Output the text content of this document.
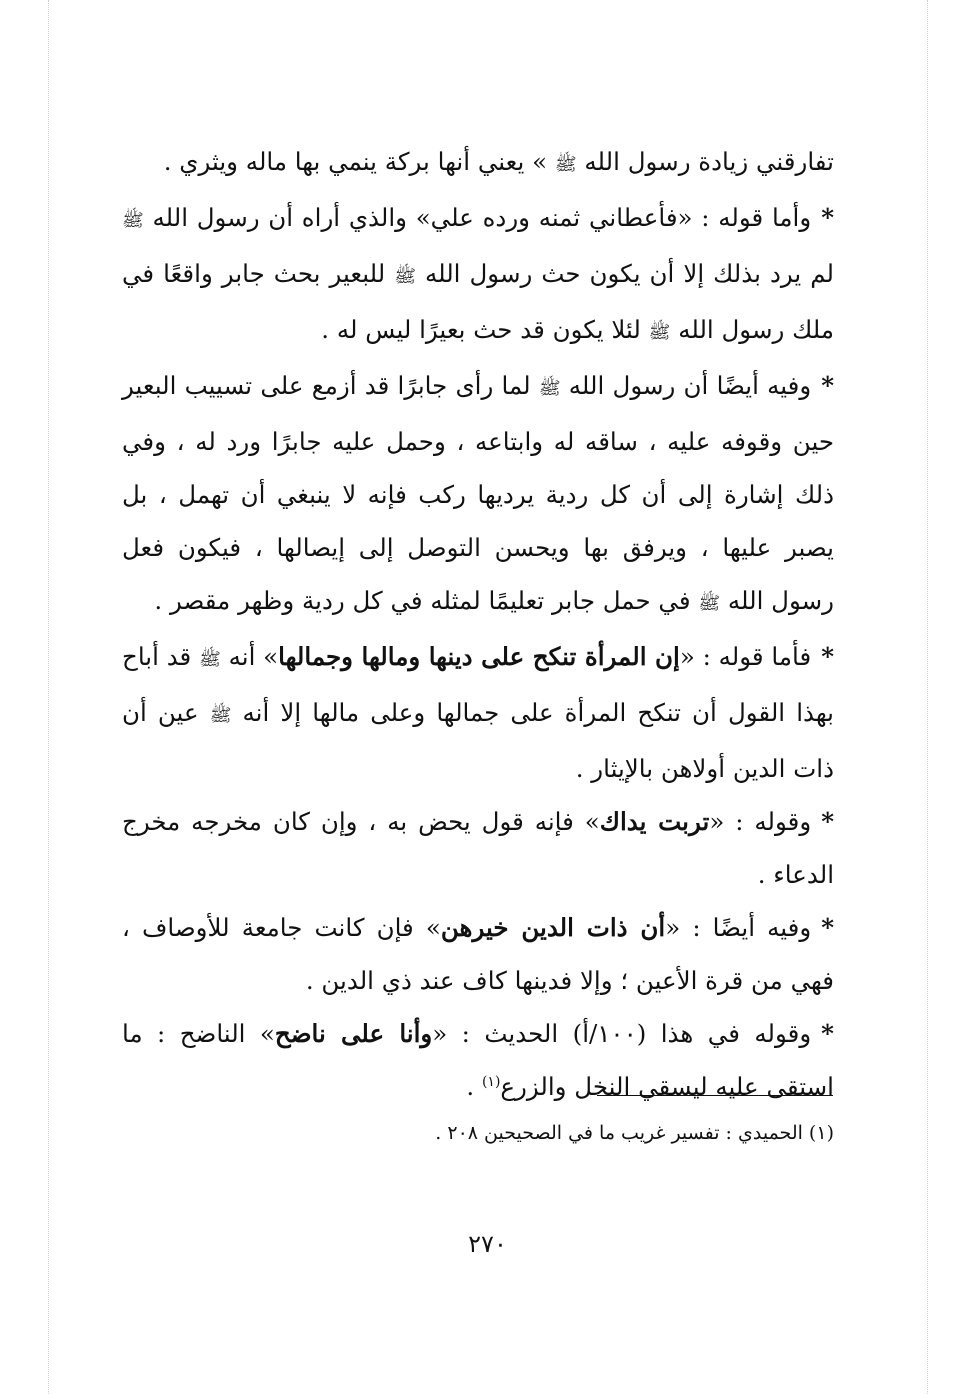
تفارقني زيادة رسول الله ﷺ » يعني أنها بركة ينمي بها ماله ويثري .

*وأما قوله : «فأعطاني ثمنه ورده علي» والذي أراه أن رسول الله ﷺ لم يرد بذلك إلا أن يكون حث رسول الله ﷺ للبعير بحث جابر واقعًا في ملك رسول الله ﷺ لئلا يكون قد حث بعيرًا ليس له .

*وفيه أيضًا أن رسول الله ﷺ لما رأى جابرًا قد أزمع على تسييب البعير حين وقوفه عليه ، ساقه له وابتاعه ، وحمل عليه جابرًا ورد له ، وفي ذلك إشارة إلى أن كل ردية يرديها ركب فإنه لا ينبغي أن تهمل ، بل يصبر عليها ، ويرفق بها ويحسن التوصل إلى إيصالها ، فيكون فعل رسول الله ﷺ في حمل جابر تعليمًا لمثله في كل ردية وظهر مقصر .

*فأما قوله : «إن المرأة تنكح على دينها ومالها وجمالها» أنه ﷺ قد أباح بهذا القول أن تنكح المرأة على جمالها وعلى مالها إلا أنه ﷺ عين أن ذات الدين أولاهن بالإيثار .

*وقوله : «تربت يداك» فإنه قول يحض به ، وإن كان مخرجه مخرج الدعاء .

*وفيه أيضًا : «أن ذات الدين خيرهن» فإن كانت جامعة للأوصاف ، فهي من قرة الأعين ؛ وإلا فدينها كاف عند ذي الدين .

*وقوله في هذا (١٠٠/أ) الحديث : «وأنا على ناضح» الناضح : ما استقى عليه ليسقي النخل والزرع$^{(١)}$ .

(١) الحميدي : تفسير غريب ما في الصحيحين ٢٠٨ .
٢٧٠
